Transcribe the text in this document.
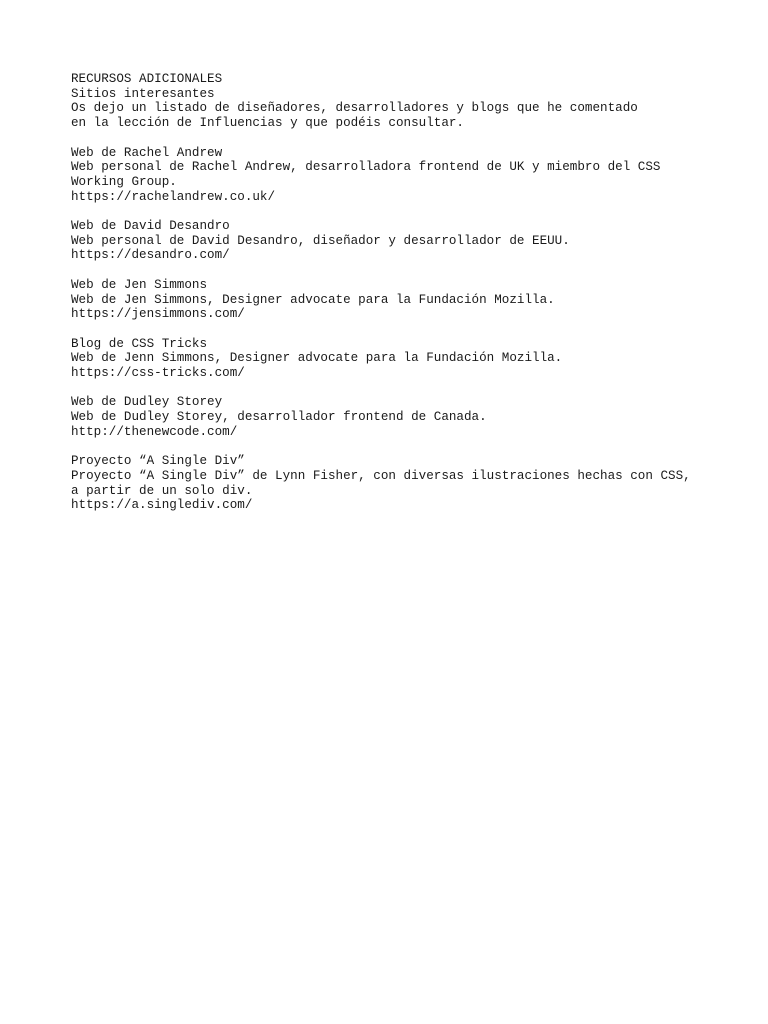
RECURSOS ADICIONALES
Sitios interesantes
Os dejo un listado de diseñadores, desarrolladores y blogs que he comentado
en la lección de Influencias y que podéis consultar.
Web de Rachel Andrew
Web personal de Rachel Andrew, desarrolladora frontend de UK y miembro del CSS
Working Group.
https://rachelandrew.co.uk/
Web de David Desandro
Web personal de David Desandro, diseñador y desarrollador de EEUU.
https://desandro.com/
Web de Jen Simmons
Web de Jen Simmons, Designer advocate para la Fundación Mozilla.
https://jensimmons.com/
Blog de CSS Tricks
Web de Jenn Simmons, Designer advocate para la Fundación Mozilla.
https://css-tricks.com/
Web de Dudley Storey
Web de Dudley Storey, desarrollador frontend de Canada.
http://thenewcode.com/
Proyecto “A Single Div”
Proyecto “A Single Div” de Lynn Fisher, con diversas ilustraciones hechas con CSS,
a partir de un solo div.
https://a.singlediv.com/
